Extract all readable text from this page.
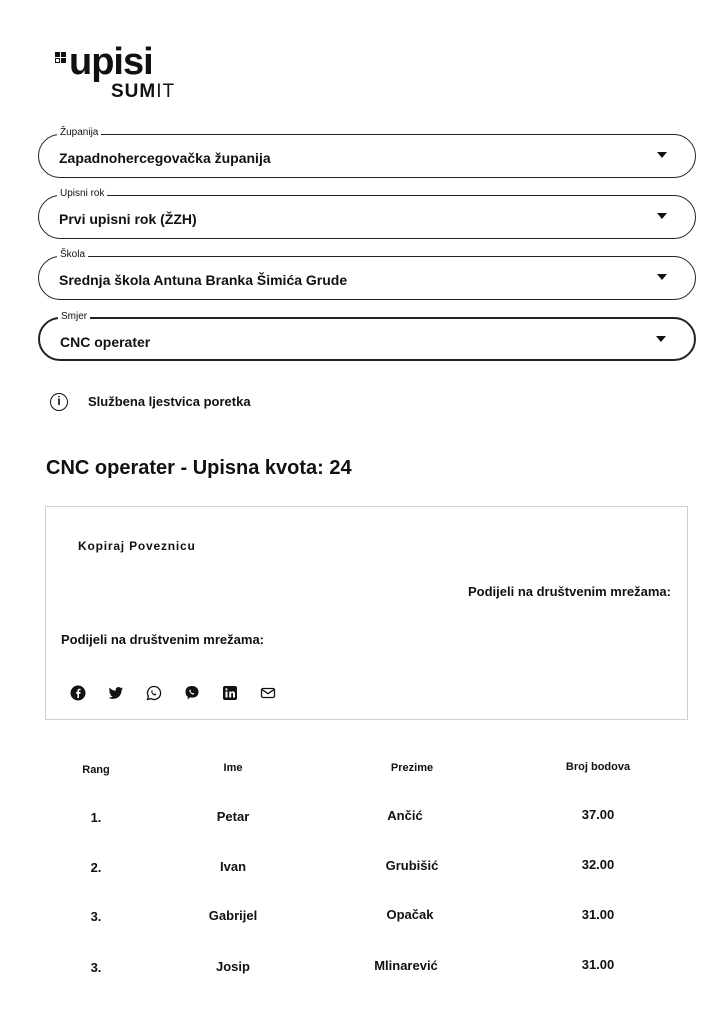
upisi
SUMIT
Županija
Zapadnohercegovačka županija
Upisni rok
Prvi upisni rok (ŽZH)
Škola
Srednja škola Antuna Branka Šimića Grude
Smjer
CNC operater
i	Službena ljestvica poretka
CNC operater - Upisna kvota: 24
Kopiraj Poveznicu
Podijeli na društvenim mrežama:
Podijeli na društvenim mrežama:
Rang	Ime	Prezime	Broj bodova
1.	Petar	Ančić	37.00
2.	Ivan	Grubišić	32.00
3.	Gabrijel	Opačak	31.00
3.	Josip	Mlinarević	31.00
